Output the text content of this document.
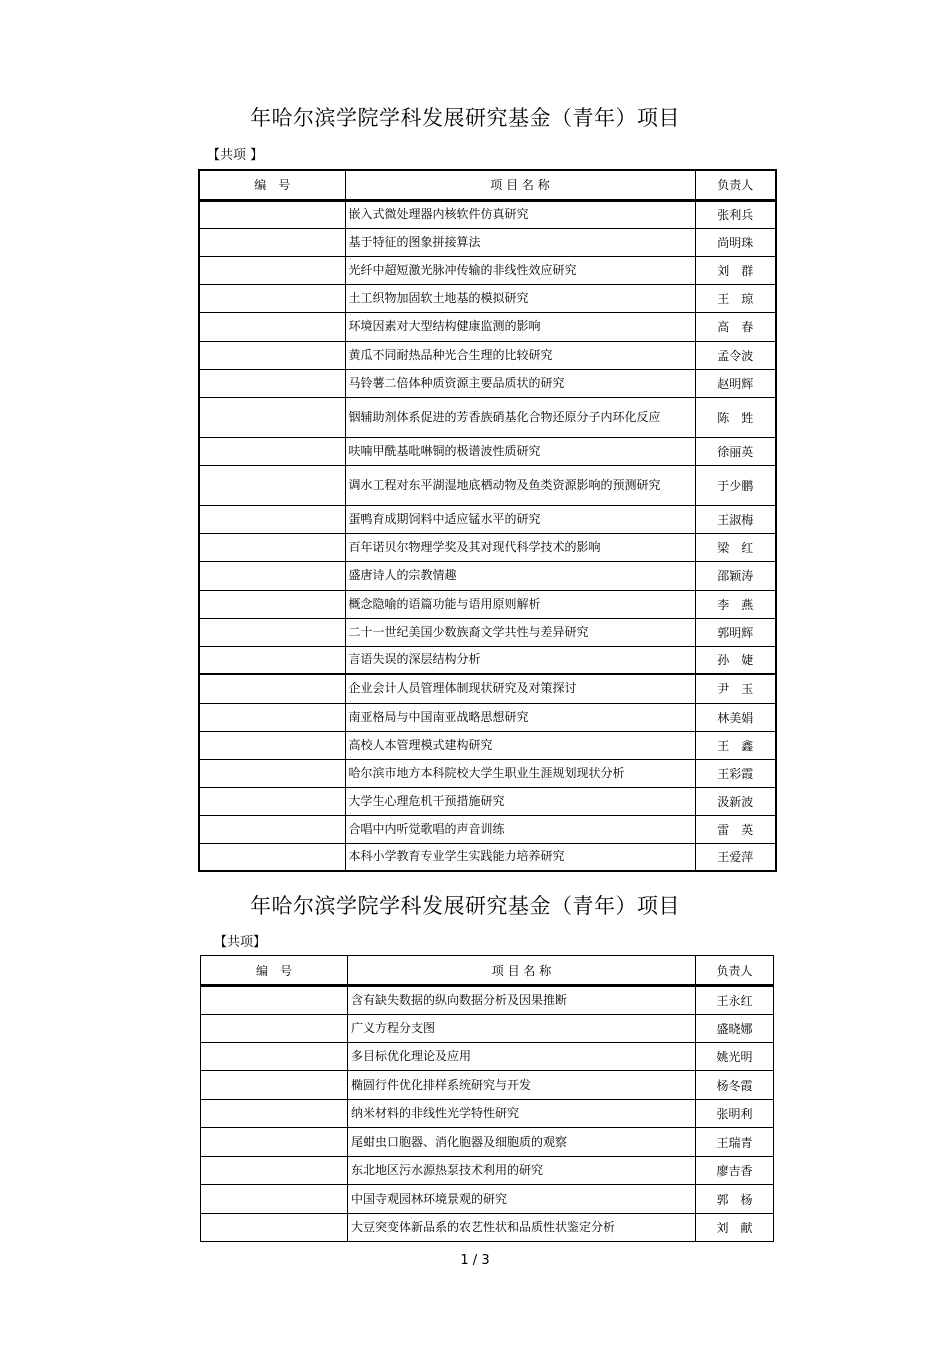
年哈尔滨学院学科发展研究基金（青年）项目
【共项 】
编　号	项 目 名 称	负责人
	嵌入式微处理器内核软件仿真研究	张利兵
	基于特征的图象拼接算法	尚明珠
	光纤中超短激光脉冲传输的非线性效应研究	刘　群
	土工织物加固软土地基的模拟研究	王　琼
	环境因素对大型结构健康监测的影响	高　春
	黄瓜不同耐热品种光合生理的比较研究	孟令波
	马铃薯二倍体种质资源主要品质状的研究	赵明辉
	铟辅助剂体系促进的芳香族硝基化合物还原分子内环化反应	陈　甡
	呋喃甲酰基吡啉铜的极谱波性质研究	徐丽英
	调水工程对东平湖湿地底栖动物及鱼类资源影响的预测研究	于少鹏
	蛋鸭育成期饲料中适应锰水平的研究	王淑梅
	百年诺贝尔物理学奖及其对现代科学技术的影响	梁　红
	盛唐诗人的宗教情趣	邵颖涛
	概念隐喻的语篇功能与语用原则解析	李　燕
	二十一世纪美国少数族裔文学共性与差异研究	郭明辉
	言语失误的深层结构分析	孙　婕
	企业会计人员管理体制现状研究及对策探讨	尹　玉
	南亚格局与中国南亚战略思想研究	林美娟
	高校人本管理模式建构研究	王　鑫
	哈尔滨市地方本科院校大学生职业生涯规划现状分析	王彩霞
	大学生心理危机干预措施研究	汲新波
	合唱中内听觉歌唱的声音训练	雷　英
	本科小学教育专业学生实践能力培养研究	王爱萍
年哈尔滨学院学科发展研究基金（青年）项目
【共项】
编　号	项 目 名 称	负责人
	含有缺失数据的纵向数据分析及因果推断	王永红
	广义方程分支图	盛晓娜
	多目标优化理论及应用	姚光明
	椭圆行件优化排样系统研究与开发	杨冬霞
	纳米材料的非线性光学特性研究	张明利
	尾蚶虫口胞器、消化胞器及细胞质的观察	王瑞青
	东北地区污水源热泵技术利用的研究	廖吉香
	中国寺观园林环境景观的研究	郭　杨
	大豆突变体新品系的农艺性状和品质性状鉴定分析	刘　献
1 / 3
